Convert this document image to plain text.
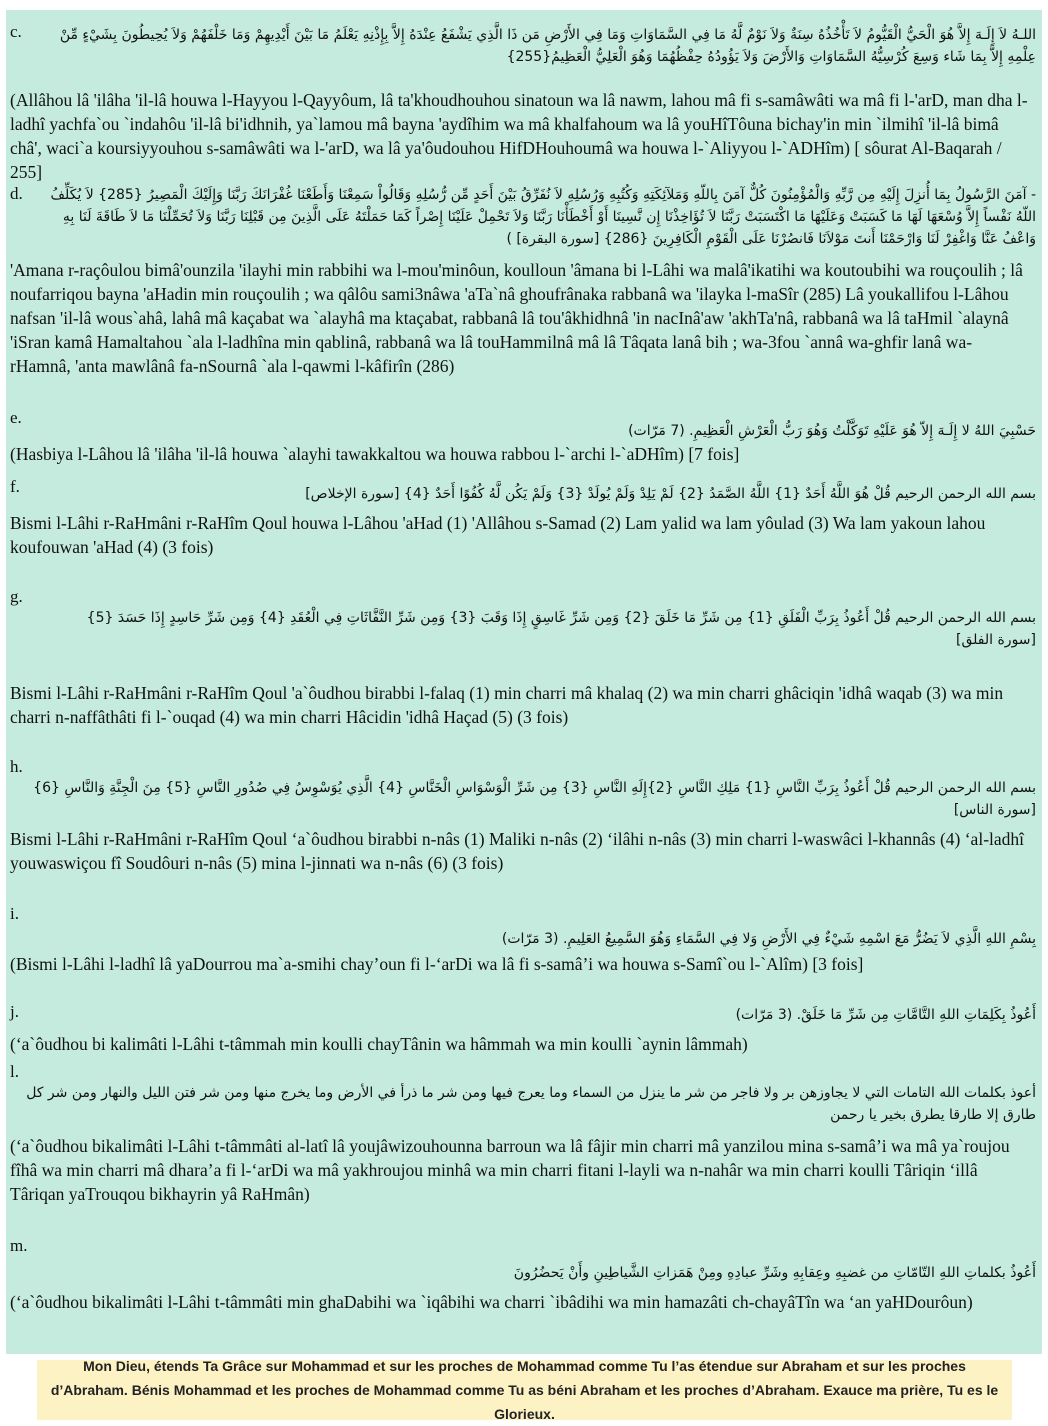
c.	اللـهُ لاَ إِلَـهَ إِلاَّ هُوَ الْحَيُّ الْقَيُّومُ لاَ تَأْخُذُهُ سِنَةٌ وَلاَ نَوْمٌ لَّهُ مَا فِي السَّمَاوَاتِ وَمَا فِي الأَرْضِ مَن ذَا الَّذِي يَشْفَعُ عِنْدَهُ إِلاَّ بِإِذْنِهِ يَعْلَمُ مَا بَيْنَ أَيْدِيهِمْ وَمَا خَلْفَهُمْ وَلاَ يُحِيطُونَ بِشَيْءٍ مِّنْ عِلْمِهِ إِلاَّ بِمَا شَاء وَسِعَ كُرْسِيُّهُ السَّمَاوَاتِ وَالأَرْضَ وَلاَ يَؤُودُهُ حِفْظُهُمَا وَهُوَ الْعَلِيُّ الْعَظِيمُ{255}
(Allâhou lâ 'ilâha 'il-lâ houwa l-Hayyou l-Qayyôum, lâ ta'khoudhouhou sinatoun wa lâ nawm, lahou mâ fi s-samâwâti wa mâ fi l-'arD, man dha l-ladhî yachfa`ou `indahôu 'il-lâ bi'idhnih, ya`lamou mâ bayna 'aydîhim wa mâ khalfahoum wa lâ youHîTôuna bichay'in min `ilmihî 'il-lâ bimâ châ', waci`a koursiyyouhou s-samâwâti wa l-'arD, wa lâ ya'ôudouhou HifDHouhoumâ wa houwa l-`Aliyyou l-`ADHîm) [ sôurat Al-Baqarah / 255]
d.	- آمَنَ الرَّسُولُ بِمَا أُنزِلَ إِلَيْهِ مِن رَّبِّهِ وَالْمُؤْمِنُونَ كُلٌّ آمَنَ بِاللّهِ وَمَلآئِكَتِهِ وَكُتُبِهِ وَرُسُلِهِ لاَ نُفَرِّقُ بَيْنَ أَحَدٍ مِّن رُّسُلِهِ وَقَالُواْ سَمِعْنَا وَأَطَعْنَا غُفْرَانَكَ رَبَّنَا وَإِلَيْكَ الْمَصِيرُ {285} لاَ يُكَلِّفُ اللّهُ نَفْساً إِلاَّ وُسْعَهَا لَهَا مَا كَسَبَتْ وَعَلَيْهَا مَا اكْتَسَبَتْ رَبَّنَا لاَ تُؤَاخِذْنَا إِن نَّسِينَا أَوْ أَخْطَأْنَا رَبَّنَا وَلاَ تَحْمِلْ عَلَيْنَا إِصْراً كَمَا حَمَلْتَهُ عَلَى الَّذِينَ مِن قَبْلِنَا رَبَّنَا وَلاَ تُحَمِّلْنَا مَا لاَ طَاقَةَ لَنَا بِهِ وَاعْفُ عَنَّا وَاغْفِرْ لَنَا وَارْحَمْنَا أَنتَ مَوْلاَنَا فَانصُرْنَا عَلَى الْقَوْمِ الْكَافِرِينَ {286} [سورة البقرة] )
'Amana r-raçôulou bimâ'ounzila 'ilayhi min rabbihi wa l-mou'minôun, koulloun 'âmana bi l-Lâhi wa malâ'ikatihi wa koutoubihi wa rouçoulih ; lâ noufarriqou bayna 'aHadin min rouçoulih ; wa qâlôu sami3nâwa 'aTa`nâ ghoufrânaka rabbanâ wa 'ilayka l-maSîr (285) Lâ youkallifou l-Lâhou nafsan 'il-lâ wous`ahâ, lahâ mâ kaçabat wa `alayhâ ma ktaçabat, rabbanâ lâ tou'âkhidhnâ 'in nacInâ'aw 'akhTa'nâ, rabbanâ wa lâ taHmil `alaynâ 'iSran kamâ Hamaltahou `ala l-ladhîna min qablinâ, rabbanâ wa lâ touHammilnâ mâ lâ Tâqata lanâ bih ; wa-3fou `annâ wa-ghfir lanâ wa-rHamnâ, 'anta mawlânâ fa-nSournâ `ala l-qawmi l-kâfirîn (286)
e.
حَسْبِيَ اللهُ لا إِلَـهَ إِلاّ هُوَ عَلَيْهِ تَوَكَّلْتُ وَهُوَ رَبُّ الْعَرْشِ الْعَظِيمِ. (7 مَرّات)
(Hasbiya l-Lâhou lâ 'ilâha 'il-lâ houwa `alayhi tawakkaltou wa houwa rabbou l-`archi l-`aDHîm) [7 fois]
f.	بسم الله الرحمن الرحيم قُلْ هُوَ اللَّهُ أَحَدٌ {1} اللَّهُ الصَّمَدُ {2} لَمْ يَلِدْ وَلَمْ يُولَدْ {3} وَلَمْ يَكُن لَّهُ كُفُوًا أَحَدٌ {4} [سورة الإخلاص]
Bismi l-Lâhi r-RaHmâni r-RaHîm Qoul houwa l-Lâhou 'aHad (1) 'Allâhou s-Samad (2) Lam yalid wa lam yôulad (3) Wa lam yakoun lahou koufouwan 'aHad (4) (3 fois)
g.
بسم الله الرحمن الرحيم قُلْ أَعُوذُ بِرَبِّ الْفَلَقِ {1} مِن شَرِّ مَا خَلَقَ {2} وَمِن شَرِّ غَاسِقٍ إِذَا وَقَبَ {3} وَمِن شَرِّ النَّفَّاثَاتِ فِي الْعُقَدِ {4} وَمِن شَرِّ حَاسِدٍ إِذَا حَسَدَ {5} [سورة الفلق]
Bismi l-Lâhi r-RaHmâni r-RaHîm Qoul 'a`ôudhou birabbi l-falaq (1) min charri mâ khalaq (2) wa min charri ghâciqin 'idhâ waqab (3) wa min charri n-naffâthâti fi l-`ouqad (4) wa min charri Hâcidin 'idhâ Haçad (5) (3 fois)
h.
بسم الله الرحمن الرحيم قُلْ أَعُوذُ بِرَبِّ النَّاسِ {1} مَلِكِ النَّاسِ {2}إِلَهِ النَّاسِ {3} مِن شَرِّ الْوَسْوَاسِ الْخَنَّاسِ {4} الَّذِي يُوَسْوِسُ فِي صُدُورِ النَّاسِ {5} مِنَ الْجِنَّةِ وَالنَّاسِ {6} [سورة الناس]
Bismi l-Lâhi r-RaHmâni r-RaHîm Qoul ‘a`ôudhou birabbi n-nâs (1) Maliki n-nâs (2) ‘ilâhi n-nâs (3) min charri l-waswâci l-khannâs (4) ‘al-ladhî youwaswiçou fî Soudôuri n-nâs (5) mina l-jinnati wa n-nâs (6) (3 fois)
i.
بِسْمِ اللهِ الَّذِي لاَ يَضُرُّ مَعَ اسْمِهِ شَيْءٌ فِي الأَرْضِ وَلا فِي السَّمَاءِ وَهُوَ السَّمِيعُ العَلِيمِ. (3 مَرّات)
(Bismi l-Lâhi l-ladhî lâ yaDourrou ma`a-smihi chay’oun fi l-‘arDi wa lâ fi s-samâ’i wa houwa s-Samî`ou l-`Alîm) [3 fois]
j.	أَعُوذُ بِكَلِمَاتِ اللهِ التَّامَّاتِ مِن شَرِّ مَا خَلَقْ. (3 مَرّات)
(‘a`ôudhou bi kalimâti l-Lâhi t-tâmmah min koulli chayTânin wa hâmmah wa min koulli `aynin lâmmah)
l.
أعوذ بكلمات الله التامات التي لا يجاوزهن بر ولا فاجر من شر ما ينزل من السماء وما يعرج فيها ومن شر ما ذرأ في الأرض وما يخرج منها ومن شر فتن الليل والنهار ومن شر كل طارق إلا طارقا يطرق بخير يا رحمن
(‘a`ôudhou bikalimâti l-Lâhi t-tâmmâti al-latî lâ youjâwizouhounna barroun wa lâ fâjir min charri mâ yanzilou mina s-samâ’i wa mâ ya`roujou fîhâ wa min charri mâ dhara’a fi l-‘arDi wa mâ yakhroujou minhâ wa min charri fitani l-layli wa n-nahâr wa min charri koulli Târiqin ‘illâ Târiqan yaTrouqou bikhayrin yâ RaHmân)
m.
أَعُوذُ بكلماتِ اللهِ التّامّاتِ من غضبِهِ وعِقابِهِ وشَرِّ عبادِهِ ومِنْ هَمَزاتِ الشَّياطِينِ وأَنْ يَحضُرُونَ
(‘a`ôudhou bikalimâti l-Lâhi t-tâmmâti min ghaDabihi wa `iqâbihi wa charri `ibâdihi wa min hamazâti ch-chayâTîn wa ‘an yaHDourôun)
Mon Dieu, étends Ta Grâce sur Mohammad et sur les proches de Mohammad comme Tu l’as étendue sur Abraham et sur les proches d’Abraham. Bénis Mohammad et les proches de Mohammad comme Tu as béni Abraham et les proches d’Abraham. Exauce ma prière, Tu es le Glorieux.
